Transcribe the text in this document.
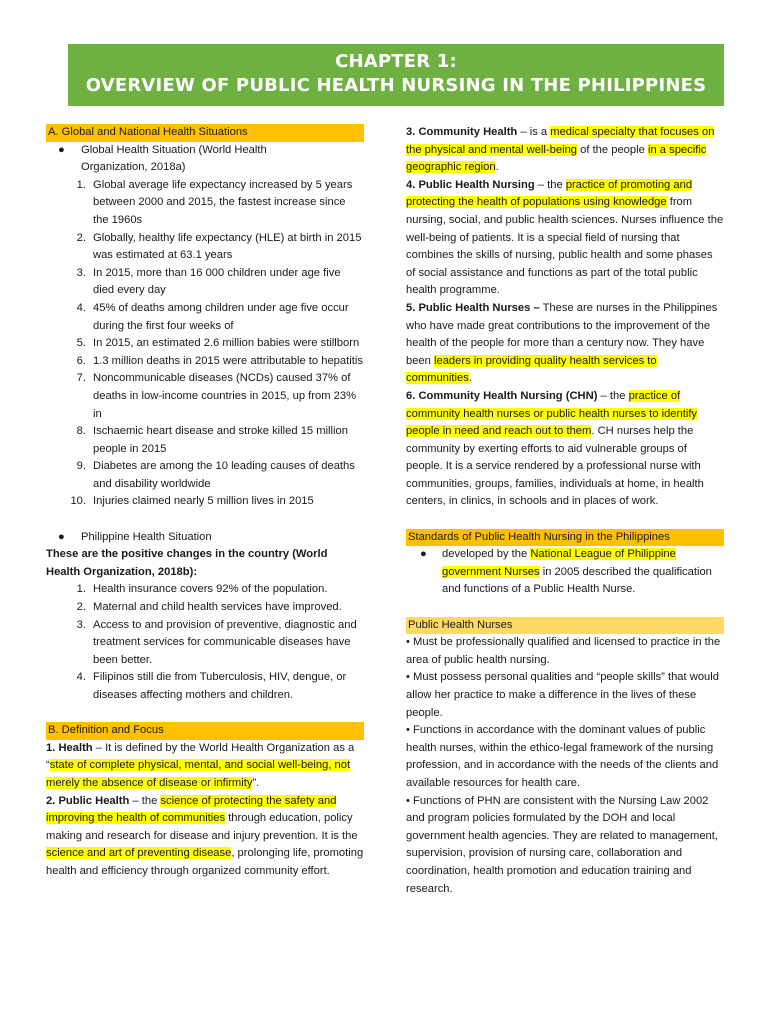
CHAPTER 1:
OVERVIEW OF PUBLIC HEALTH NURSING IN THE PHILIPPINES
A. Global and National Health Situations
● Global Health Situation (World Health
Organization, 2018a)
1. Global average life expectancy increased by 5 years between 2000 and 2015, the fastest increase since the 1960s
2. Globally, healthy life expectancy (HLE) at birth in 2015 was estimated at 63.1 years
3. In 2015, more than 16 000 children under age five died every day
4. 45% of deaths among children under age five occur during the first four weeks of
5. In 2015, an estimated 2.6 million babies were stillborn
6. 1.3 million deaths in 2015 were attributable to hepatitis
7. Noncommunicable diseases (NCDs) caused 37% of deaths in low-income countries in 2015, up from 23% in
8. Ischaemic heart disease and stroke killed 15 million people in 2015
9. Diabetes are among the 10 leading causes of deaths and disability worldwide
10. Injuries claimed nearly 5 million lives in 2015
● Philippine Health Situation

These are the positive changes in the country (World Health Organization, 2018b):

1. Health insurance covers 92% of the population.
2. Maternal and child health services have improved.
3. Access to and provision of preventive, diagnostic and treatment services for communicable diseases have been better.
4. Filipinos still die from Tuberculosis, HIV, dengue, or diseases affecting mothers and children.
B. Definition and Focus

1. Health – It is defined by the World Health Organization as a “state of complete physical, mental, and social well-being, not merely the absence of disease or infirmity”.

2. Public Health – the science of protecting the safety and improving the health of communities through education, policy making and research for disease and injury prevention. It is the science and art of preventing disease, prolonging life, promoting health and efficiency through organized community effort.

3. Community Health – is a medical specialty that focuses on the physical and mental well-being of the people in a specific geographic region.

4. Public Health Nursing – the practice of promoting and protecting the health of populations using knowledge from nursing, social, and public health sciences. Nurses influence the well-being of patients. It is a special field of nursing that combines the skills of nursing, public health and some phases of social assistance and functions as part of the total public health programme.

5. Public Health Nurses – These are nurses in the Philippines who have made great contributions to the improvement of the health of the people for more than a century now. They have been leaders in providing quality health services to communities.

6. Community Health Nursing (CHN) – the practice of community health nurses or public health nurses to identify people in need and reach out to them. CH nurses help the community by exerting efforts to aid vulnerable groups of people. It is a service rendered by a professional nurse with communities, groups, families, individuals at home, in health centers, in clinics, in schools and in places of work.

Standards of Public Health Nursing in the Philippines
● developed by the National League of Philippine government Nurses in 2005 described the qualification and functions of a Public Health Nurse.
Public Health Nurses

• Must be professionally qualified and licensed to practice in the area of public health nursing.

• Must possess personal qualities and “people skills” that would allow her practice to make a difference in the lives of these people.

• Functions in accordance with the dominant values of public health nurses, within the ethico-legal framework of the nursing profession, and in accordance with the needs of the clients and available resources for health care.

• Functions of PHN are consistent with the Nursing Law 2002 and program policies formulated by the DOH and local government health agencies. They are related to management, supervision, provision of nursing care, collaboration and coordination, health promotion and education training and research.
